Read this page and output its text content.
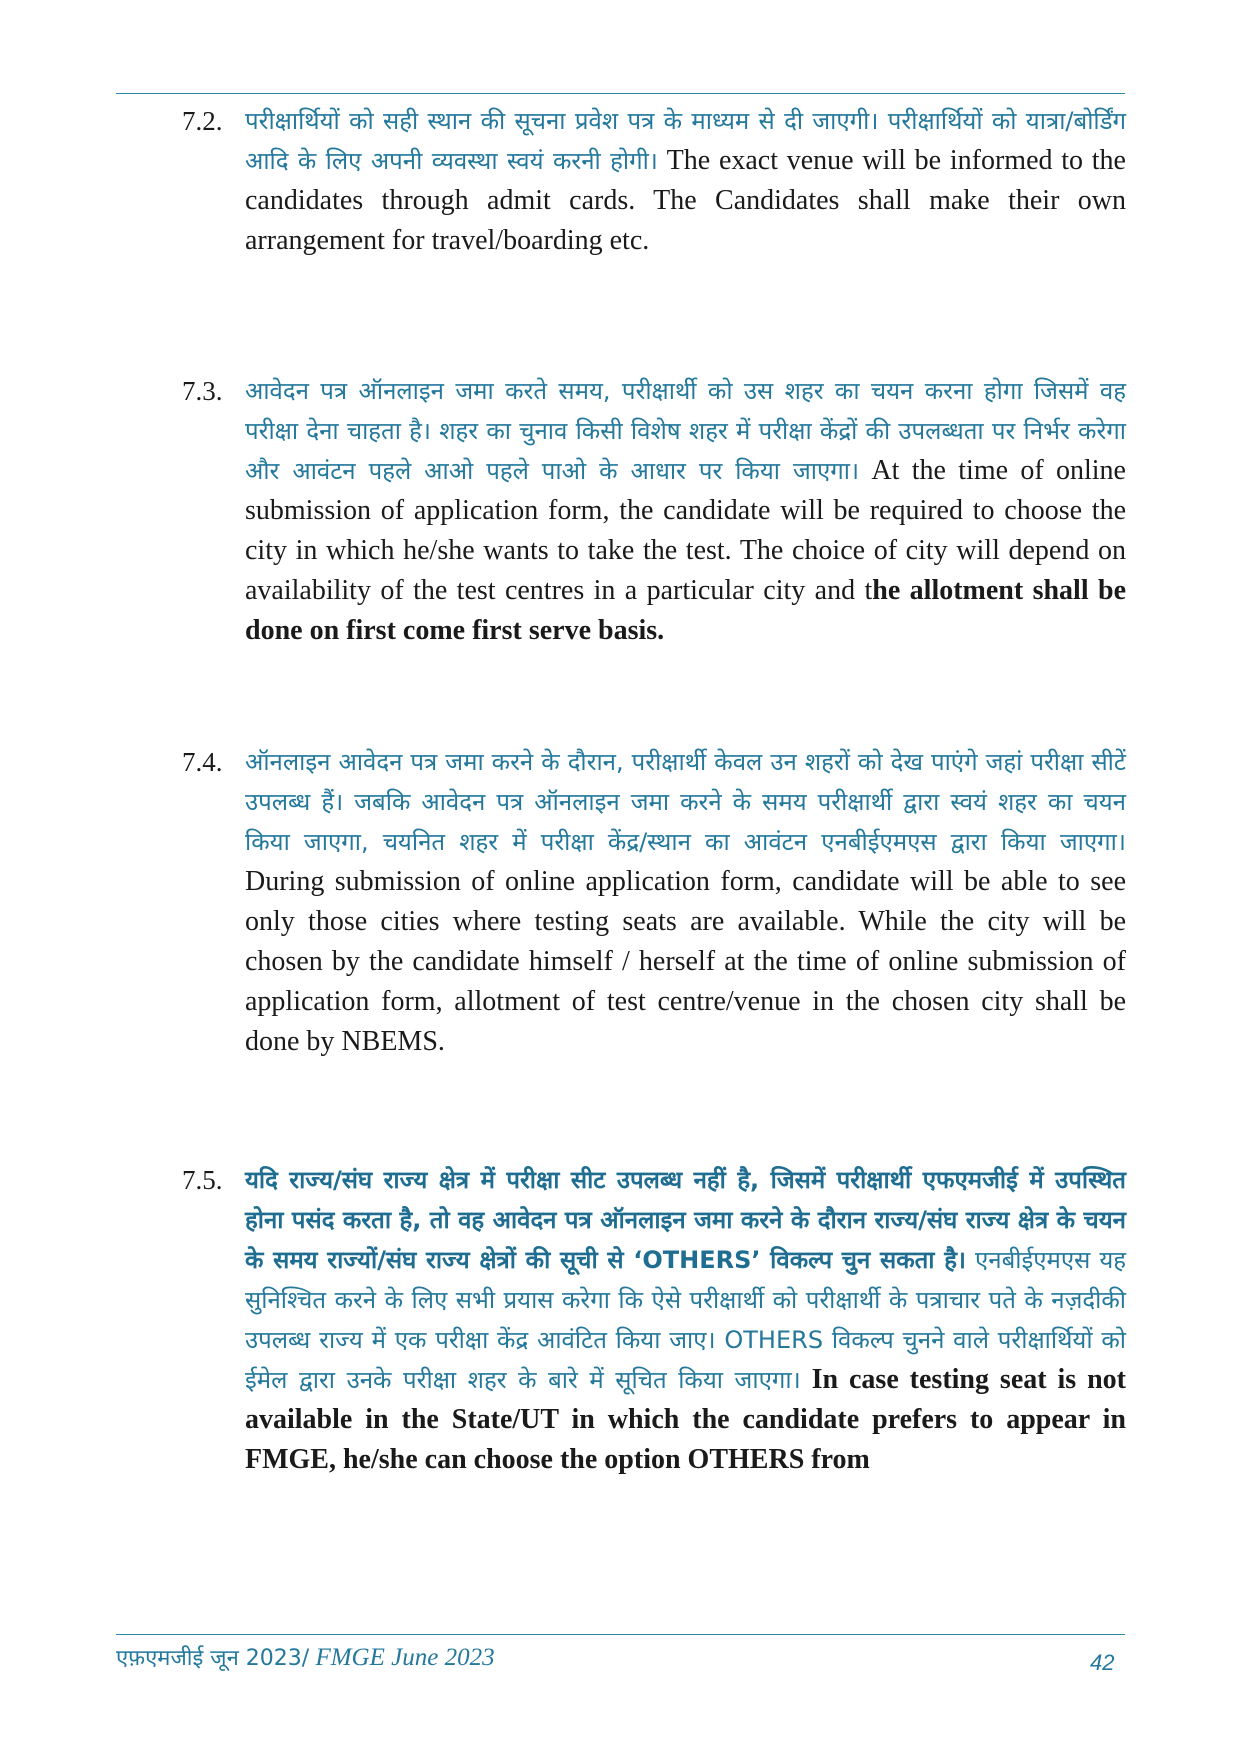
7.2. परीक्षार्थियों को सही स्थान की सूचना प्रवेश पत्र के माध्यम से दी जाएगी। परीक्षार्थियों को यात्रा/बोर्डिंग आदि के लिए अपनी व्यवस्था स्वयं करनी होगी। The exact venue will be informed to the candidates through admit cards. The Candidates shall make their own arrangement for travel/boarding etc.
7.3. आवेदन पत्र ऑनलाइन जमा करते समय, परीक्षार्थी को उस शहर का चयन करना होगा जिसमें वह परीक्षा देना चाहता है। शहर का चुनाव किसी विशेष शहर में परीक्षा केंद्रों की उपलब्धता पर निर्भर करेगा और आवंटन पहले आओ पहले पाओ के आधार पर किया जाएगा। At the time of online submission of application form, the candidate will be required to choose the city in which he/she wants to take the test. The choice of city will depend on availability of the test centres in a particular city and the allotment shall be done on first come first serve basis.
7.4. ऑनलाइन आवेदन पत्र जमा करने के दौरान, परीक्षार्थी केवल उन शहरों को देख पाएंगे जहां परीक्षा सीटें उपलब्ध हैं। जबकि आवेदन पत्र ऑनलाइन जमा करने के समय परीक्षार्थी द्वारा स्वयं शहर का चयन किया जाएगा, चयनित शहर में परीक्षा केंद्र/स्थान का आवंटन एनबीईएमएस द्वारा किया जाएगा। During submission of online application form, candidate will be able to see only those cities where testing seats are available. While the city will be chosen by the candidate himself / herself at the time of online submission of application form, allotment of test centre/venue in the chosen city shall be done by NBEMS.
7.5. यदि राज्य/संघ राज्य क्षेत्र में परीक्षा सीट उपलब्ध नहीं है, जिसमें परीक्षार्थी एफएमजीई में उपस्थित होना पसंद करता है, तो वह आवेदन पत्र ऑनलाइन जमा करने के दौरान राज्य/संघ राज्य क्षेत्र के चयन के समय राज्यों/संघ राज्य क्षेत्रों की सूची से ‘OTHERS’ विकल्प चुन सकता है। एनबीईएमएस यह सुनिश्चित करने के लिए सभी प्रयास करेगा कि ऐसे परीक्षार्थी को परीक्षार्थी के पत्राचार पते के नज़दीकी उपलब्ध राज्य में एक परीक्षा केंद्र आवंटित किया जाए। OTHERS विकल्प चुनने वाले परीक्षार्थियों को ईमेल द्वारा उनके परीक्षा शहर के बारे में सूचित किया जाएगा। In case testing seat is not available in the State/UT in which the candidate prefers to appear in FMGE, he/she can choose the option OTHERS from
एफ़एमजीई जून 2023/ FMGE June 2023	42
